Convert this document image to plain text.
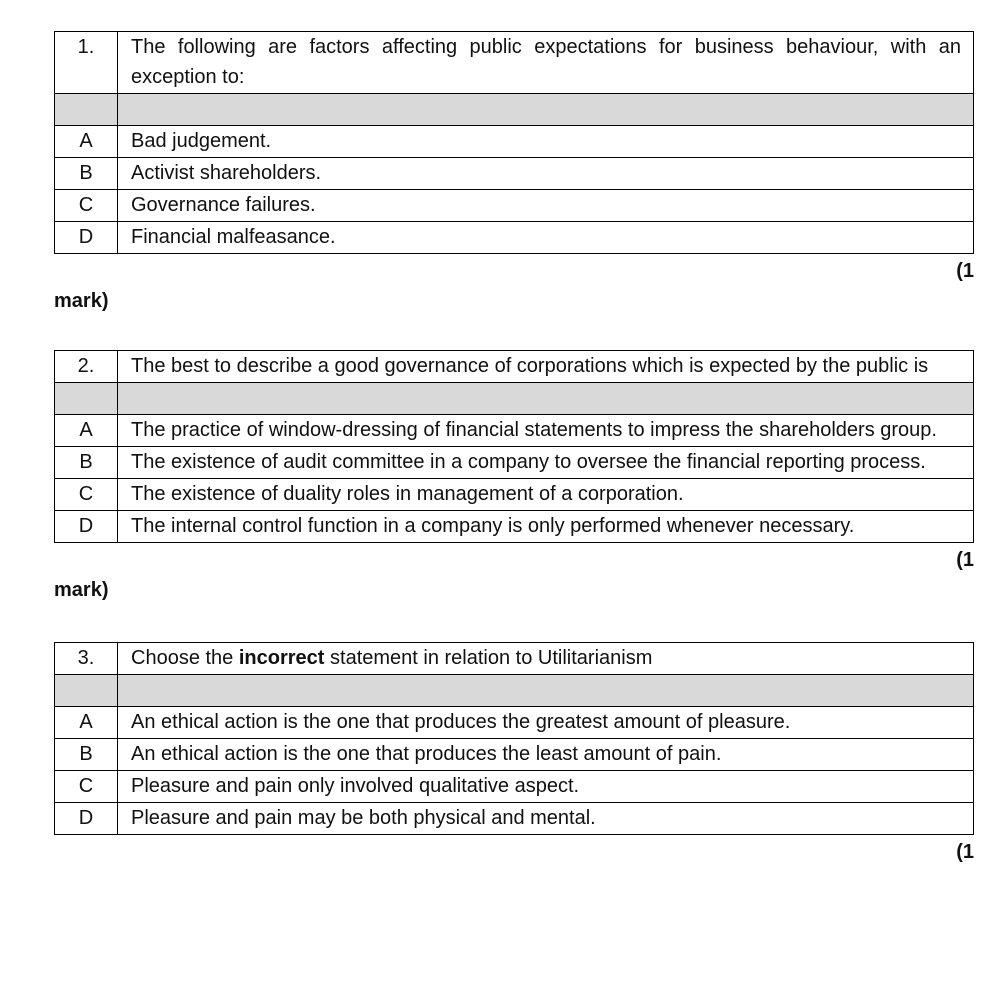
1.	The following are factors affecting public expectations for business behaviour, with an exception to:

A	Bad judgement.
B	Activist shareholders.
C	Governance failures.
D	Financial malfeasance.
(1
mark)
2.	The best to describe a good governance of corporations which is expected by the public is

A	The practice of window-dressing of financial statements to impress the shareholders group.
B	The existence of audit committee in a company to oversee the financial reporting process.
C	The existence of duality roles in management of a corporation.
D	The internal control function in a company is only performed whenever necessary.
(1
mark)
3.	Choose the incorrect statement in relation to Utilitarianism

A	An ethical action is the one that produces the greatest amount of pleasure.
B	An ethical action is the one that produces the least amount of pain.
C	Pleasure and pain only involved qualitative aspect.
D	Pleasure and pain may be both physical and mental.
(1
